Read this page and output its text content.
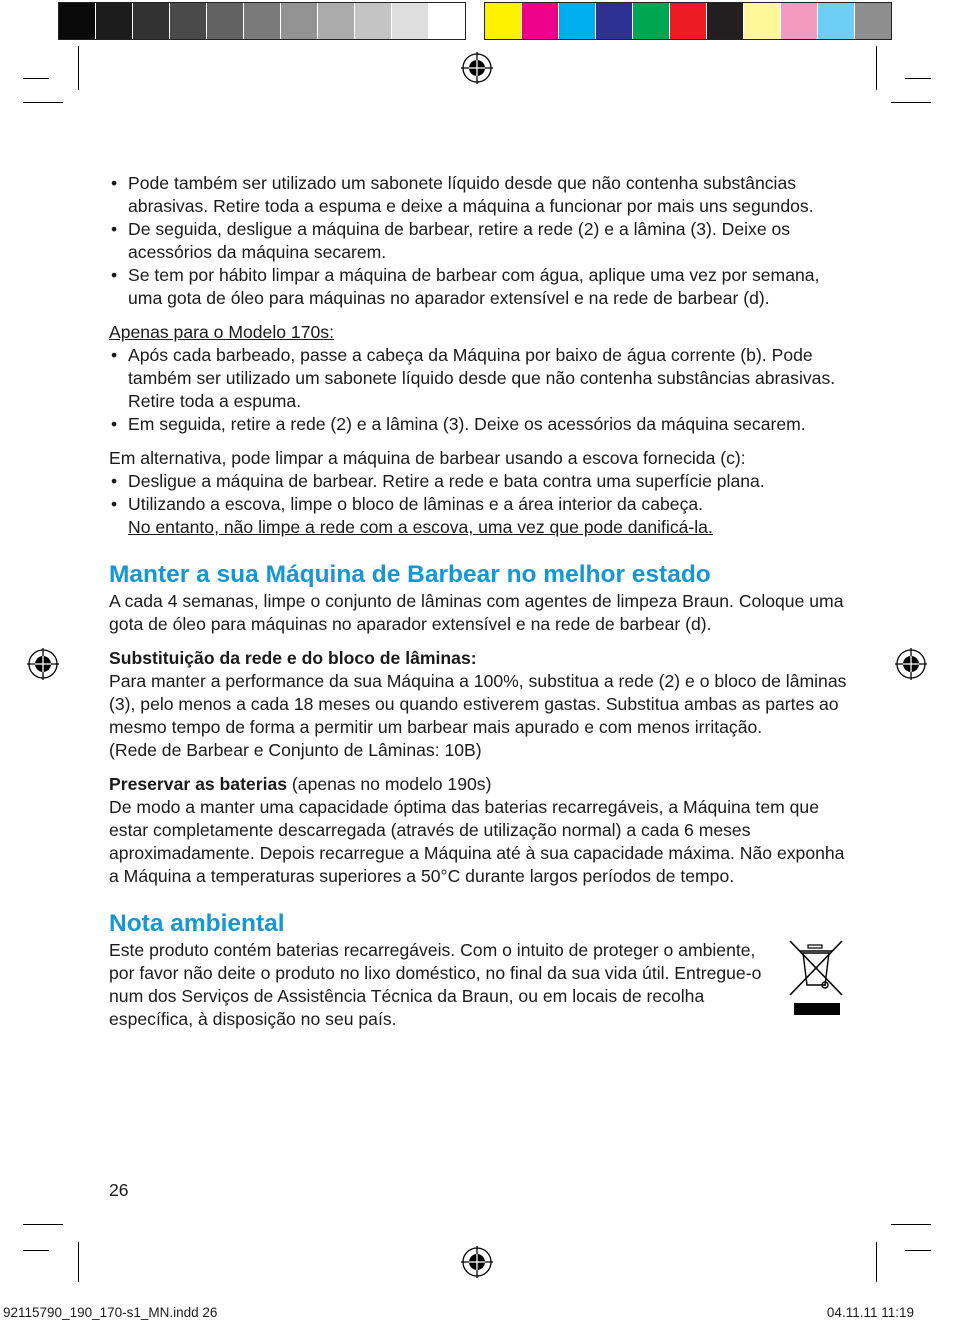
• Pode também ser utilizado um sabonete líquido desde que não contenha substâncias abrasivas. Retire toda a espuma e deixe a máquina a funcionar por mais uns segundos.
• De seguida, desligue a máquina de barbear, retire a rede (2) e a lâmina (3). Deixe os acessórios da máquina secarem.
• Se tem por hábito limpar a máquina de barbear com água, aplique uma vez por semana, uma gota de óleo para máquinas no aparador extensível e na rede de barbear (d).

Apenas para o Modelo 170s:

• Após cada barbeado, passe a cabeça da Máquina por baixo de água corrente (b). Pode também ser utilizado um sabonete líquido desde que não contenha substâncias abrasivas. Retire toda a espuma.
• Em seguida, retire a rede (2) e a lâmina (3). Deixe os acessórios da máquina secarem.

Em alternativa, pode limpar a máquina de barbear usando a escova fornecida (c):

• Desligue a máquina de barbear. Retire a rede e bata contra uma superfície plana.
• Utilizando a escova, limpe o bloco de lâminas e a área interior da cabeça.
No entanto, não limpe a rede com a escova, uma vez que pode danificá-la.
Manter a sua Máquina de Barbear no melhor estado

A cada 4 semanas, limpe o conjunto de lâminas com agentes de limpeza Braun. Coloque uma gota de óleo para máquinas no aparador extensível e na rede de barbear (d).

Substituição da rede e do bloco de lâminas:
Para manter a performance da sua Máquina a 100%, substitua a rede (2) e o bloco de lâminas (3), pelo menos a cada 18 meses ou quando estiverem gastas. Substitua ambas as partes ao mesmo tempo de forma a permitir um barbear mais apurado e com menos irritação.
(Rede de Barbear e Conjunto de Lâminas: 10B)

Preservar as baterias (apenas no modelo 190s)
De modo a manter uma capacidade óptima das baterias recarregáveis, a Máquina tem que estar completamente descarregada (através de utilização normal) a cada 6 meses aproximadamente. Depois recarregue a Máquina até à sua capacidade máxima. Não exponha a Máquina a temperaturas superiores a 50°C durante largos períodos de tempo.

Nota ambiental

Este produto contém baterias recarregáveis. Com o intuito de proteger o ambiente, por favor não deite o produto no lixo doméstico, no final da sua vida útil. Entregue-o num dos Serviços de Assistência Técnica da Braun, ou em locais de recolha específica, à disposição no seu país.

26
92115790_190_170-s1_MN.indd 26	04.11.11 11:19
